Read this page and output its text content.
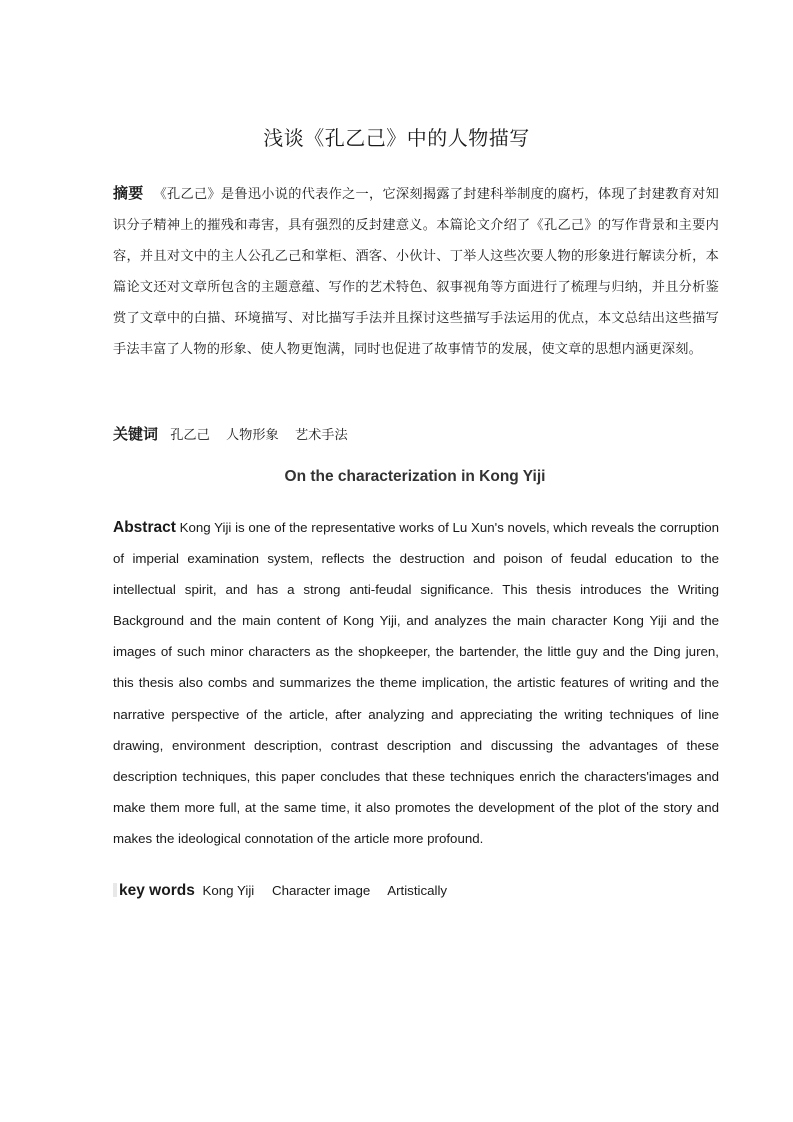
浅谈《孔乙己》中的人物描写
摘要 《孔乙己》是鲁迅小说的代表作之一，它深刻揭露了封建科举制度的腐朽，体现了封建教育对知识分子精神上的摧残和毒害，具有强烈的反封建意义。本篇论文介绍了《孔乙己》的写作背景和主要内容，并且对文中的主人公孔乙己和掌柜、酒客、小伙计、丁举人这些次要人物的形象进行解读分析，本篇论文还对文章所包含的主题意蕴、写作的艺术特色、叙事视角等方面进行了梳理与归纳，并且分析鉴赏了文章中的白描、环境描写、对比描写手法并且探讨这些描写手法运用的优点，本文总结出这些描写手法丰富了人物的形象、使人物更饱满，同时也促进了故事情节的发展，使文章的思想内涵更深刻。
关键词 孔乙己 人物形象 艺术手法
On the characterization in Kong Yiji
Abstract Kong Yiji is one of the representative works of Lu Xun's novels, which reveals the corruption of imperial examination system, reflects the destruction and poison of feudal education to the intellectual spirit, and has a strong anti-feudal significance. This thesis introduces the Writing Background and the main content of Kong Yiji, and analyzes the main character Kong Yiji and the images of such minor characters as the shopkeeper, the bartender, the little guy and the Ding juren, this thesis also combs and summarizes the theme implication, the artistic features of writing and the narrative perspective of the article, after analyzing and appreciating the writing techniques of line drawing, environment description, contrast description and discussing the advantages of these description techniques, this paper concludes that these techniques enrich the characters'images and make them more full, at the same time, it also promotes the development of the plot of the story and makes the ideological connotation of the article more profound.
key words Kong Yiji Character image Artistically
